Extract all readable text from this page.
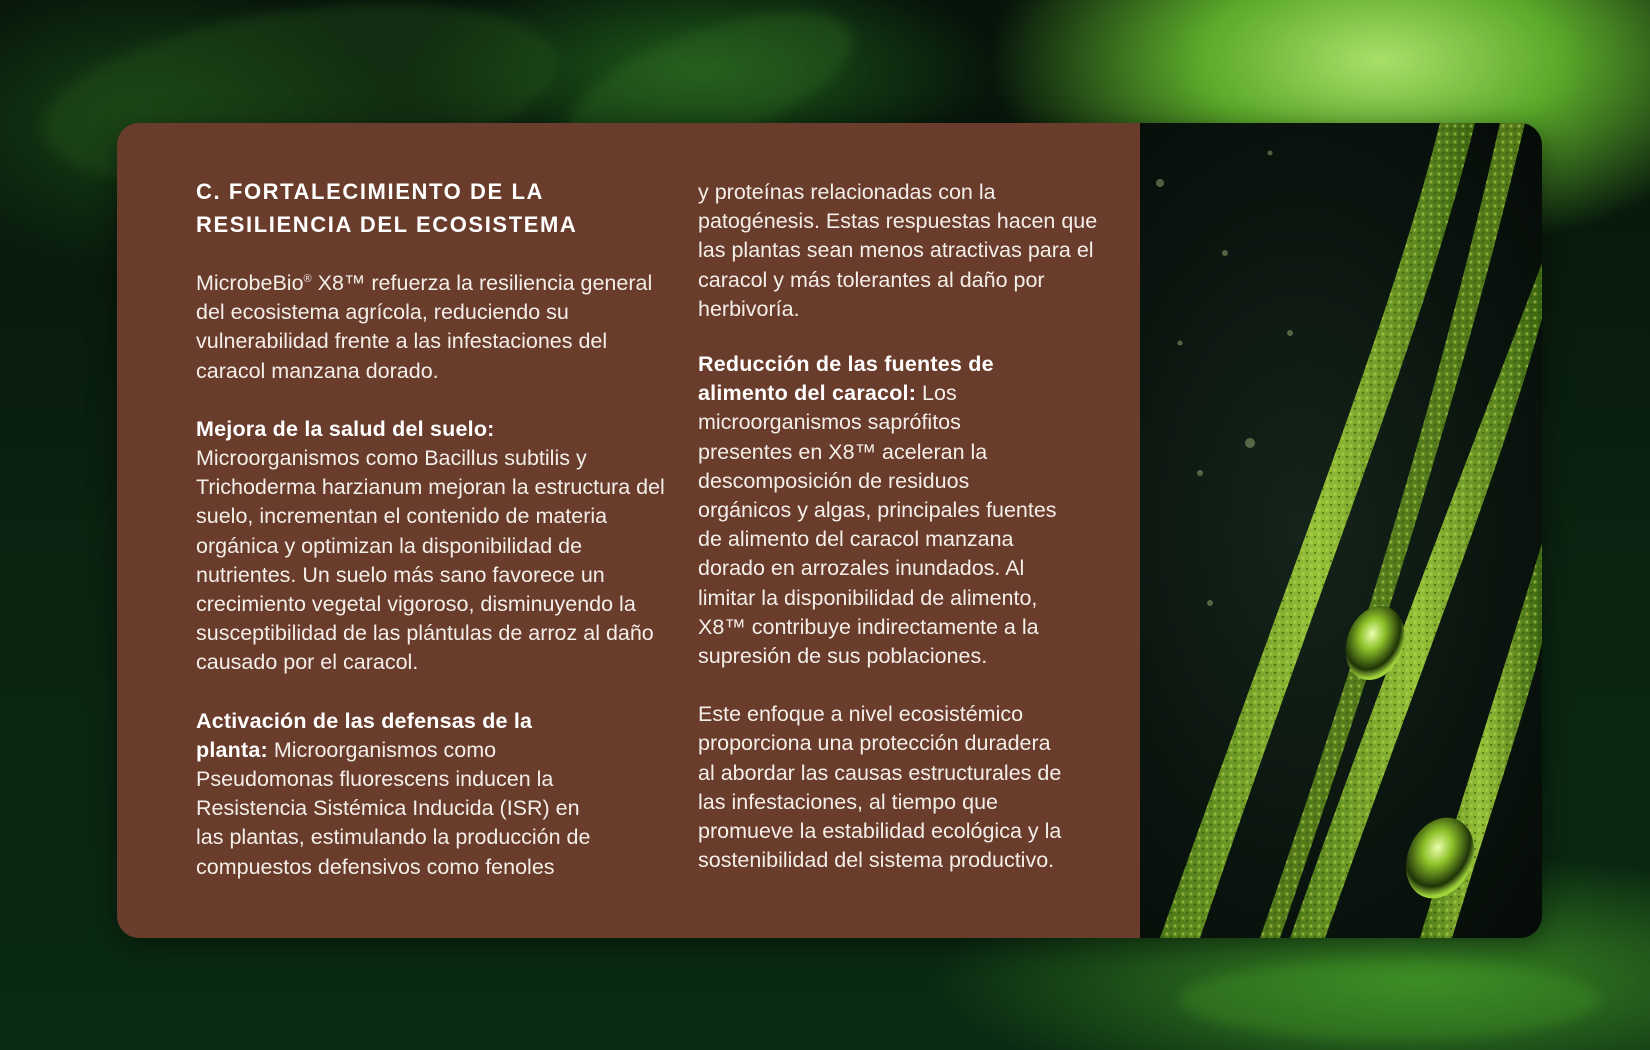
C. FORTALECIMIENTO DE LA
RESILIENCIA DEL ECOSISTEMA

MicrobeBio® X8™ refuerza la resiliencia general del ecosistema agrícola, reduciendo su vulnerabilidad frente a las infestaciones del caracol manzana dorado.

Mejora de la salud del suelo:
Microorganismos como Bacillus subtilis y Trichoderma harzianum mejoran la estructura del suelo, incrementan el contenido de materia orgánica y optimizan la disponibilidad de nutrientes. Un suelo más sano favorece un crecimiento vegetal vigoroso, disminuyendo la susceptibilidad de las plántulas de arroz al daño causado por el caracol.

Activación de las defensas de la planta: Microorganismos como Pseudomonas fluorescens inducen la Resistencia Sistémica Inducida (ISR) en las plantas, estimulando la producción de compuestos defensivos como fenoles

y proteínas relacionadas con la patogénesis. Estas respuestas hacen que las plantas sean menos atractivas para el caracol y más tolerantes al daño por herbivoría.

Reducción de las fuentes de alimento del caracol: Los microorganismos saprófitos presentes en X8™ aceleran la descomposición de residuos orgánicos y algas, principales fuentes de alimento del caracol manzana dorado en arrozales inundados. Al limitar la disponibilidad de alimento, X8™ contribuye indirectamente a la supresión de sus poblaciones.

Este enfoque a nivel ecosistémico proporciona una protección duradera al abordar las causas estructurales de las infestaciones, al tiempo que promueve la estabilidad ecológica y la sostenibilidad del sistema productivo.
